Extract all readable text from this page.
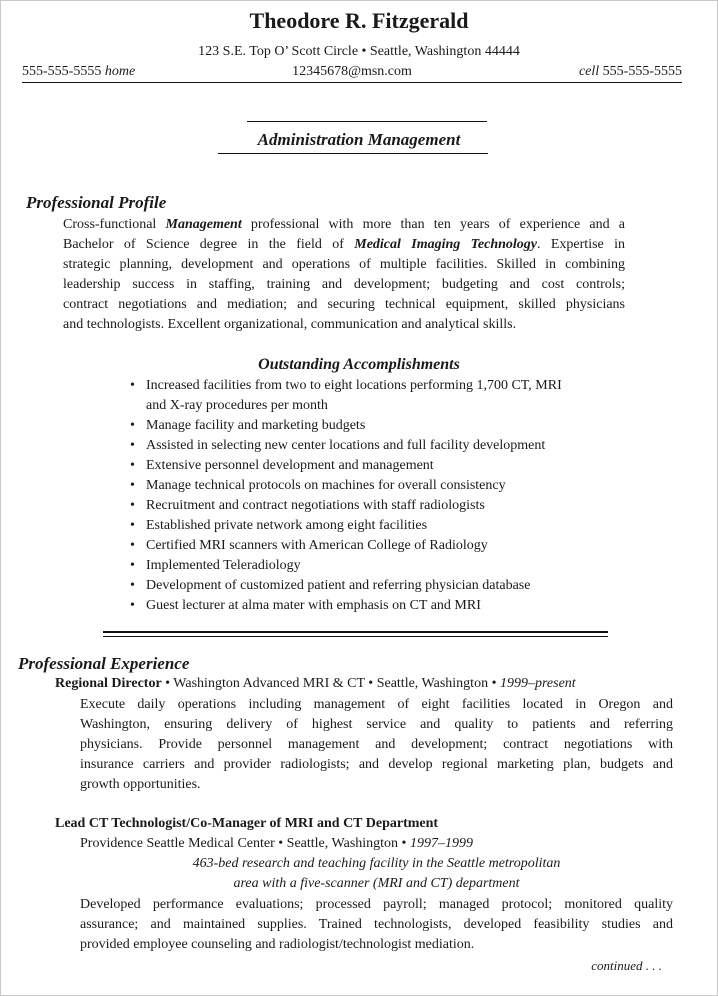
Theodore R. Fitzgerald
123 S.E. Top O’ Scott Circle • Seattle, Washington 44444
555-555-5555 home	12345678@msn.com	cell 555-555-5555
Administration Management
Professional Profile
Cross-functional Management professional with more than ten years of experience and a
Bachelor of Science degree in the field of Medical Imaging Technology. Expertise in
strategic planning, development and operations of multiple facilities. Skilled in combining
leadership success in staffing, training and development; budgeting and cost controls;
contract negotiations and mediation; and securing technical equipment, skilled physicians
and technologists. Excellent organizational, communication and analytical skills.
Outstanding Accomplishments
• Increased facilities from two to eight locations performing 1,700 CT, MRI
and X-ray procedures per month
• Manage facility and marketing budgets
• Assisted in selecting new center locations and full facility development
• Extensive personnel development and management
• Manage technical protocols on machines for overall consistency
• Recruitment and contract negotiations with staff radiologists
• Established private network among eight facilities
• Certified MRI scanners with American College of Radiology
• Implemented Teleradiology
• Development of customized patient and referring physician database
• Guest lecturer at alma mater with emphasis on CT and MRI
Professional Experience
Regional Director • Washington Advanced MRI & CT • Seattle, Washington • 1999–present
Execute daily operations including management of eight facilities located in Oregon and
Washington, ensuring delivery of highest service and quality to patients and referring
physicians. Provide personnel management and development; contract negotiations with
insurance carriers and provider radiologists; and develop regional marketing plan, budgets and
growth opportunities.
Lead CT Technologist/Co-Manager of MRI and CT Department
Providence Seattle Medical Center • Seattle, Washington • 1997–1999
463-bed research and teaching facility in the Seattle metropolitan
area with a five-scanner (MRI and CT) department
Developed performance evaluations; processed payroll; managed protocol; monitored quality
assurance; and maintained supplies. Trained technologists, developed feasibility studies and
provided employee counseling and radiologist/technologist mediation.
continued . . .
